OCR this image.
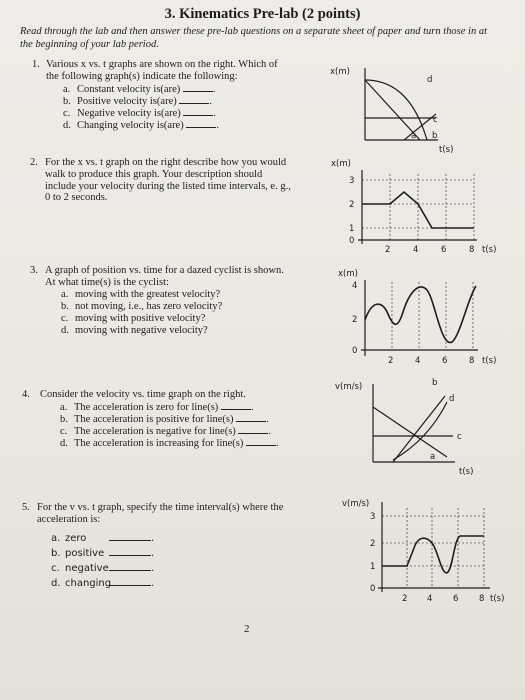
3. Kinematics Pre-lab (2 points)
Read through the lab and then answer these pre-lab questions on a separate sheet of paper and turn those in at the beginning of your lab period.
1. Various x vs. t graphs are shown on the right. Which of
the following graph(s) indicate the following:
a. Constant velocity is(are)	.
b. Positive velocity is(are)	.
c. Negative velocity is(are)	.
d. Changing velocity is(are)	.
x(m)
d
a b
c
t(s)
2. For the x vs. t graph on the right describe how you would
walk to produce this graph. Your description should
include your velocity during the listed time intervals, e. g.,
0 to 2 seconds.
x(m)
3
2
1
0
2	4	6	8 t(s)
3. A graph of position vs. time for a dazed cyclist is shown.
At what time(s) is the cyclist:
a. moving with the greatest velocity?
b. not moving, i.e., has zero velocity?
c. moving with positive velocity?
d. moving with negative velocity?
x(m)
4
2
0
2	4	6	8 t(s)
4. Consider the velocity vs. time graph on the right.
a. The acceleration is zero for line(s)	.
b. The acceleration is positive for line(s)	.
c. The acceleration is negative for line(s)	.
d. The acceleration is increasing for line(s)	.
v(m/s)	b
d
c
a
t(s)
5. For the v vs. t graph, specify the time interval(s) where the
acceleration is:
a. zero	.
b. positive	.
c. negative	.
d. changing	.
v(m/s)
3
2
1
0
2 4 6 8 t(s)
2
